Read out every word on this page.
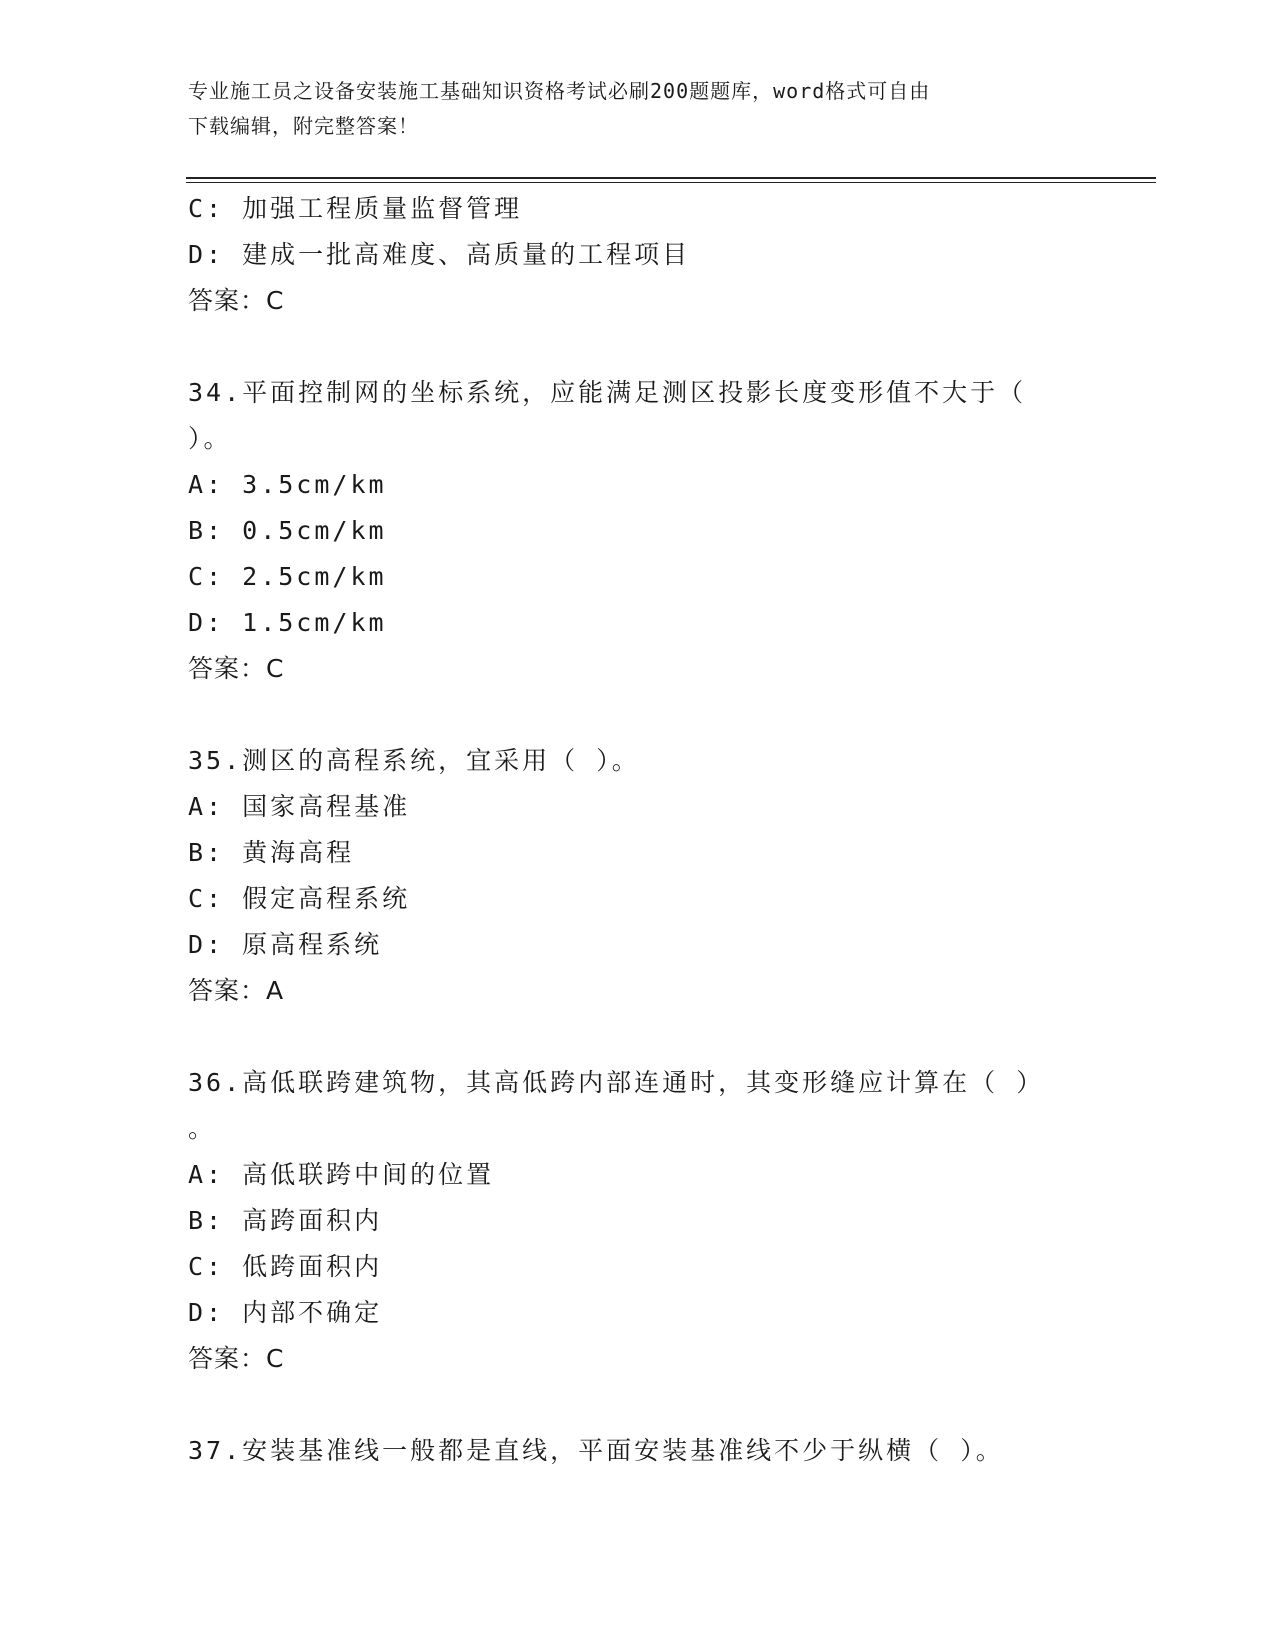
专业施工员之设备安装施工基础知识资格考试必刷200题题库，word格式可自由
下载编辑，附完整答案！
C: 加强工程质量监督管理
D: 建成一批高难度、高质量的工程项目
答案：C
34.平面控制网的坐标系统，应能满足测区投影长度变形值不大于（
）。
A: 3.5cm/km
B: 0.5cm/km
C: 2.5cm/km
D: 1.5cm/km
答案：C
35.测区的高程系统，宜采用（ ）。
A: 国家高程基准
B: 黄海高程
C: 假定高程系统
D: 原高程系统
答案：A
36.高低联跨建筑物，其高低跨内部连通时，其变形缝应计算在（ ）
。
A: 高低联跨中间的位置
B: 高跨面积内
C: 低跨面积内
D: 内部不确定
答案：C
37.安装基准线一般都是直线，平面安装基准线不少于纵横（ ）。
